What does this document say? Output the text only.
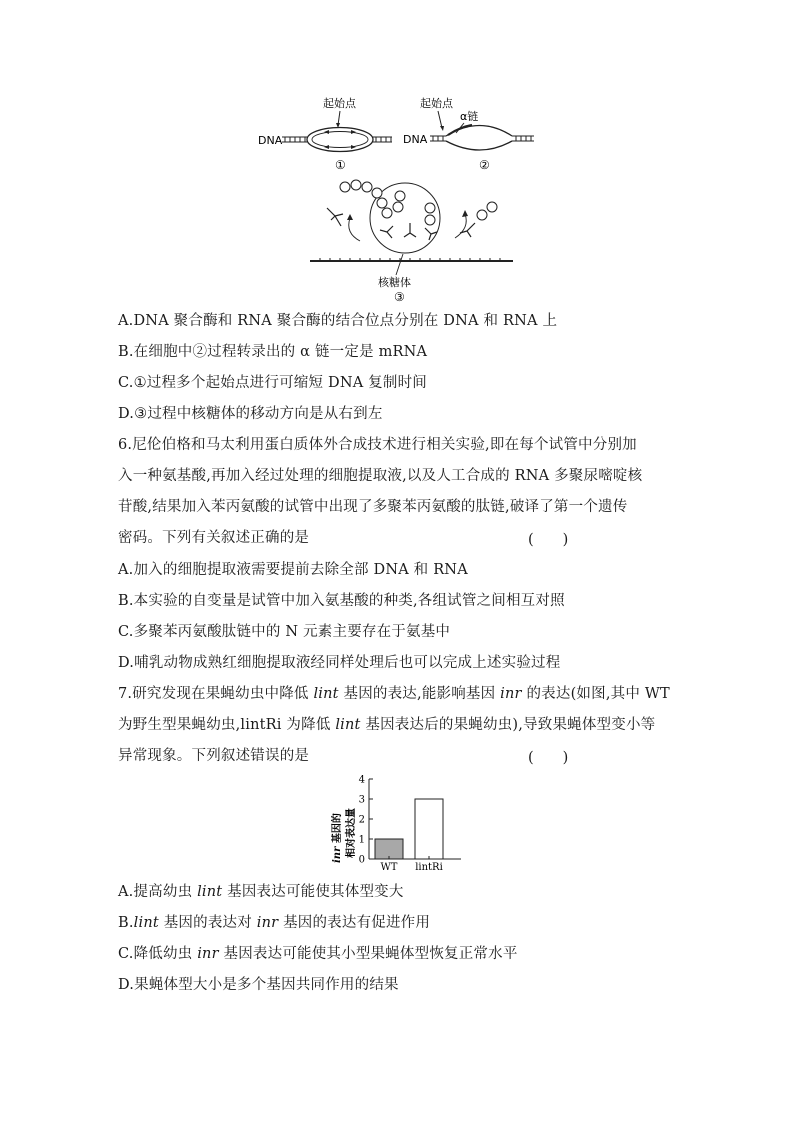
起始点
DNA
①
起始点
α链
DNA
②
核糖体
③
A.DNA 聚合酶和 RNA 聚合酶的结合位点分别在 DNA 和 RNA 上
B.在细胞中②过程转录出的 α 链一定是 mRNA
C.①过程多个起始点进行可缩短 DNA 复制时间
D.③过程中核糖体的移动方向是从右到左
6.尼伦伯格和马太利用蛋白质体外合成技术进行相关实验,即在每个试管中分别加
入一种氨基酸,再加入经过处理的细胞提取液,以及人工合成的 RNA 多聚尿嘧啶核
苷酸,结果加入苯丙氨酸的试管中出现了多聚苯丙氨酸的肽链,破译了第一个遗传
密码。下列有关叙述正确的是	(　　)
A.加入的细胞提取液需要提前去除全部 DNA 和 RNA
B.本实验的自变量是试管中加入氨基酸的种类,各组试管之间相互对照
C.多聚苯丙氨酸肽链中的 N 元素主要存在于氨基中
D.哺乳动物成熟红细胞提取液经同样处理后也可以完成上述实验过程
7.研究发现在果蝇幼虫中降低 lint 基因的表达,能影响基因 inr 的表达(如图,其中 WT
为野生型果蝇幼虫,lintRi 为降低 lint 基因表达后的果蝇幼虫),导致果蝇体型变小等
异常现象。下列叙述错误的是	(　　)
inr 基因的 相对表达量
0
1
2
3
4
WT lintRi
A.提高幼虫 lint 基因表达可能使其体型变大
B.lint 基因的表达对 inr 基因的表达有促进作用
C.降低幼虫 inr 基因表达可能使其小型果蝇体型恢复正常水平
D.果蝇体型大小是多个基因共同作用的结果
